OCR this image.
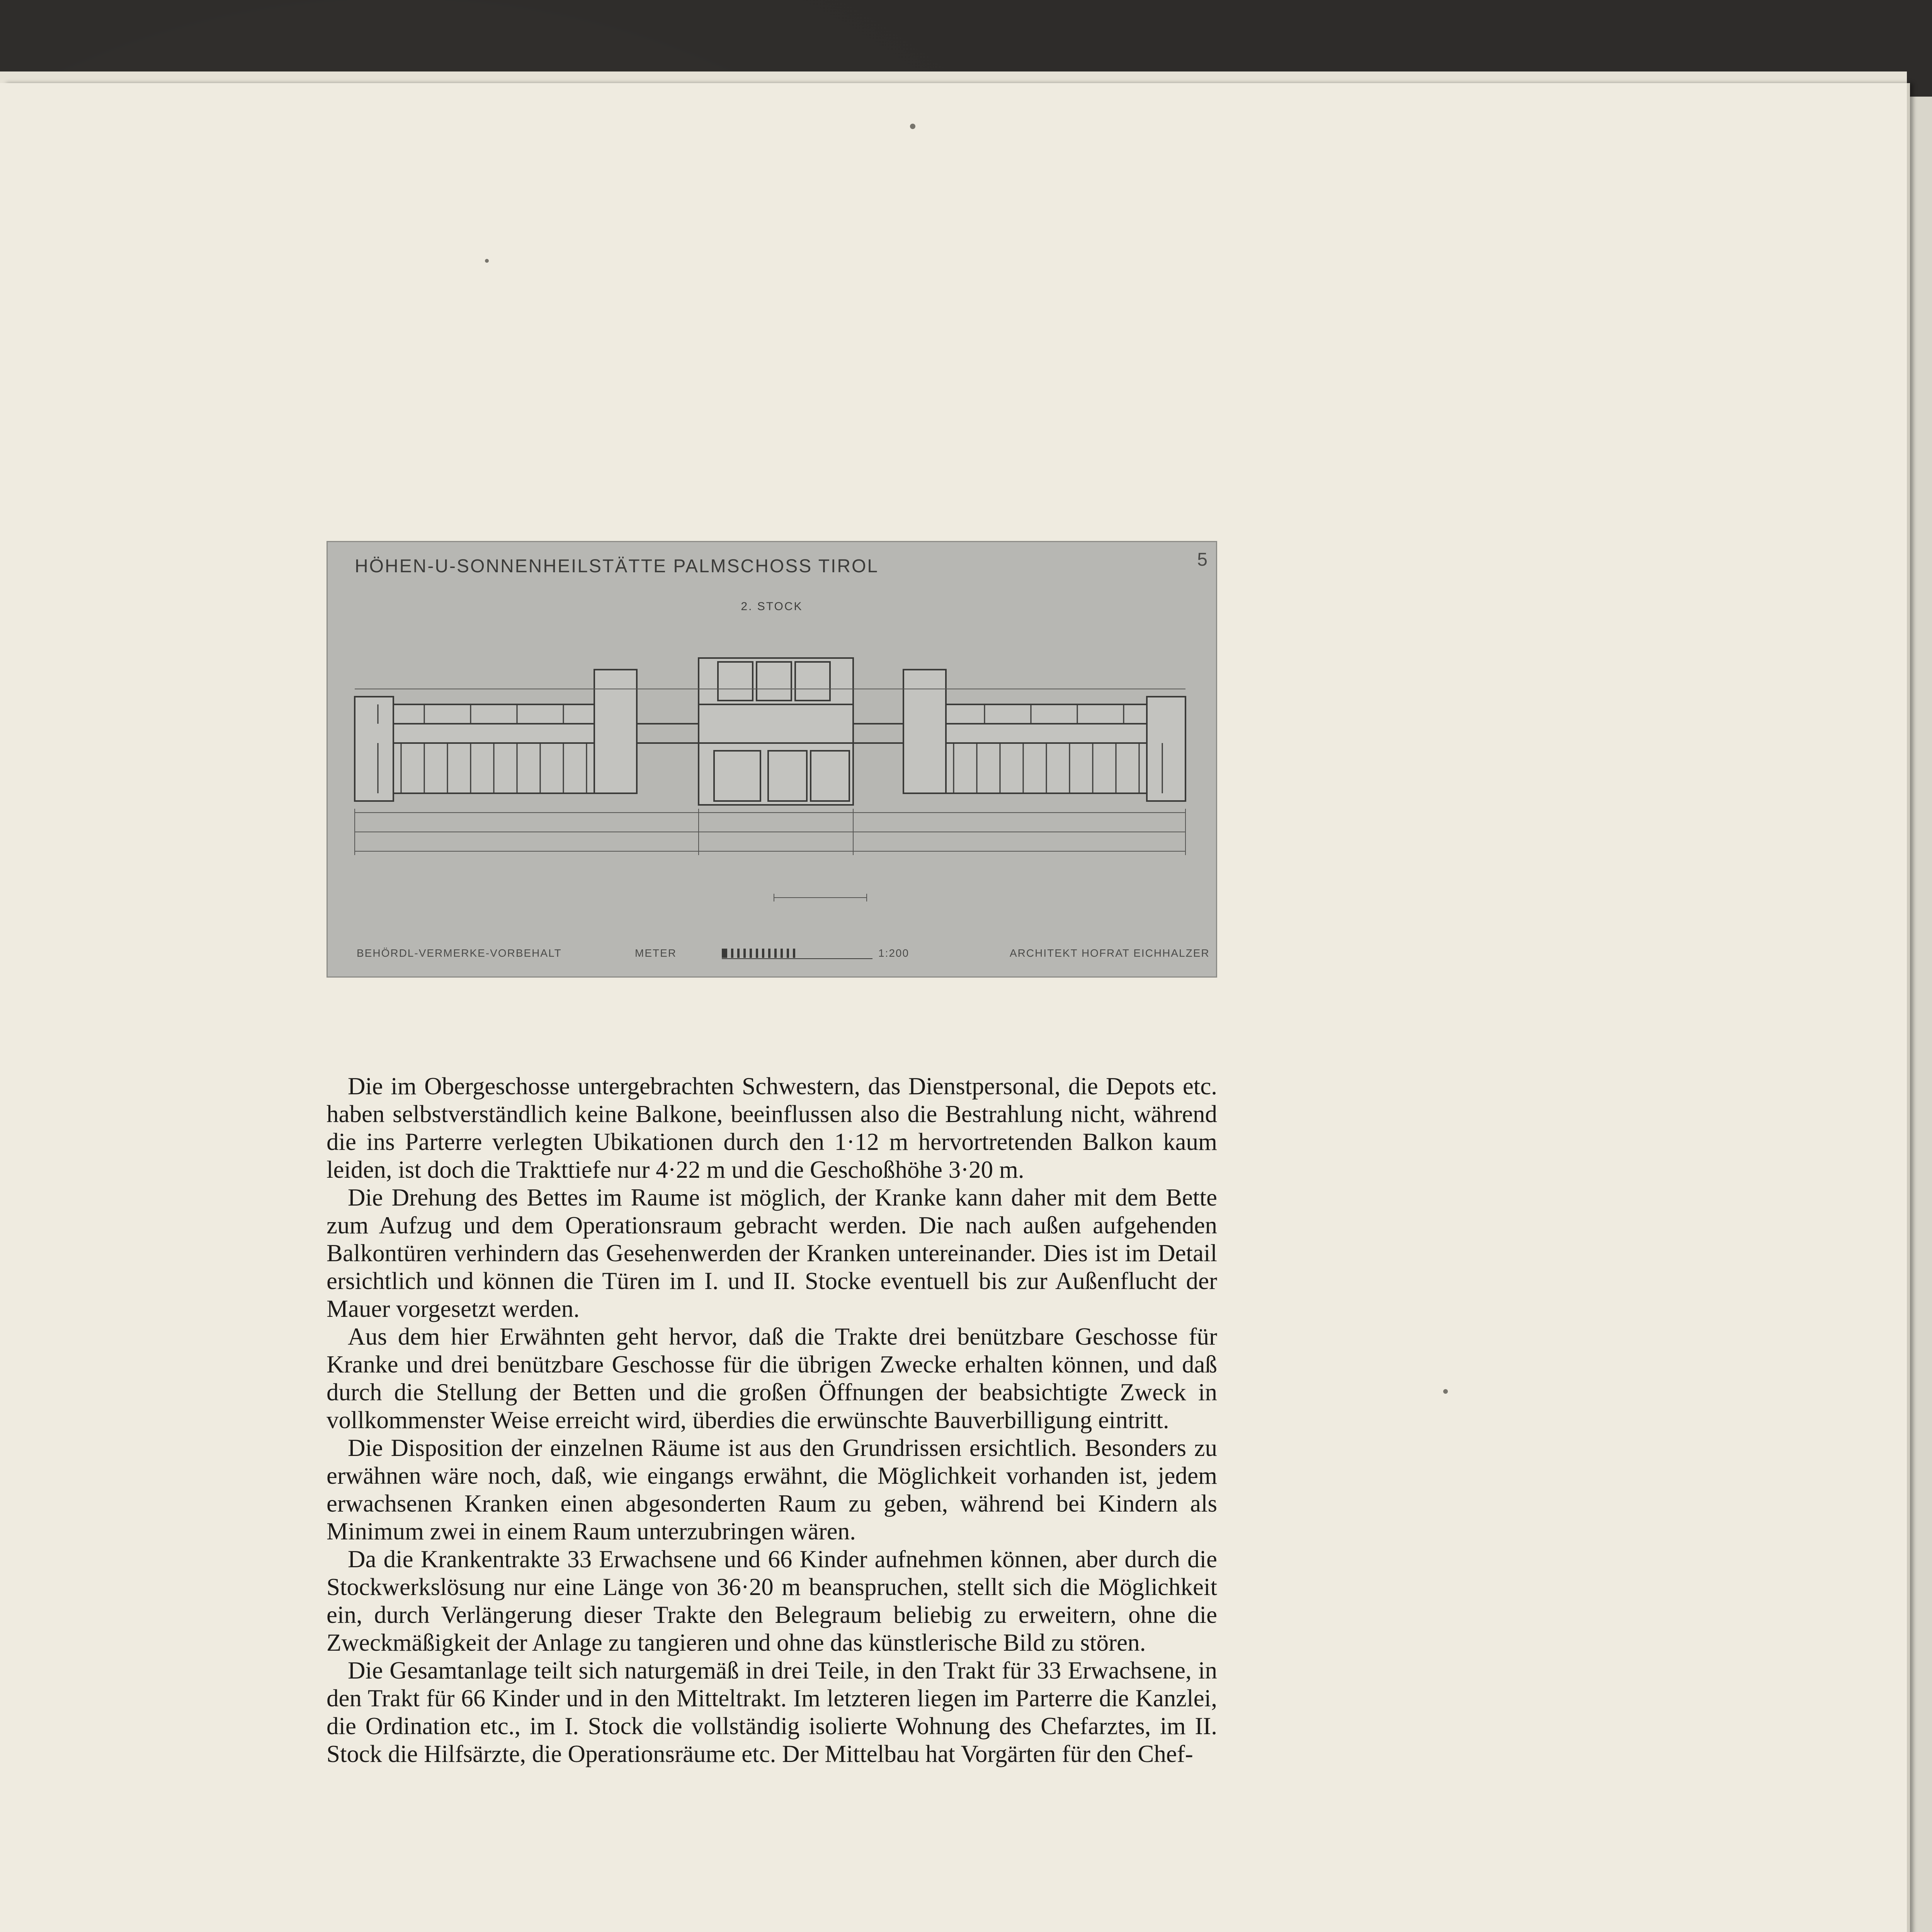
HÖHEN-U-SONNENHEILSTÄTTE PALMSCHOSS TIROL	5
2. STOCK
BEHÖRDL-VERMERKE-VORBEHALT	METER	1:200	ARCHITEKT HOFRAT EICHHALZER

Die im Obergeschosse untergebrachten Schwestern, das Dienstpersonal, die Depots etc. haben selbstverständlich keine Balkone, beeinflussen also die Bestrahlung nicht, während die ins Parterre verlegten Ubikationen durch den 1·12 m hervortretenden Balkon kaum leiden, ist doch die Trakttiefe nur 4·22 m und die Geschoßhöhe 3·20 m.

Die Drehung des Bettes im Raume ist möglich, der Kranke kann daher mit dem Bette zum Aufzug und dem Operationsraum gebracht werden. Die nach außen aufgehenden Balkontüren verhindern das Gesehenwerden der Kranken untereinander. Dies ist im Detail ersichtlich und können die Türen im I. und II. Stocke eventuell bis zur Außenflucht der Mauer vorgesetzt werden.

Aus dem hier Erwähnten geht hervor, daß die Trakte drei benützbare Geschosse für Kranke und drei benützbare Geschosse für die übrigen Zwecke erhalten können, und daß durch die Stellung der Betten und die großen Öffnungen der beabsichtigte Zweck in vollkommenster Weise erreicht wird, überdies die erwünschte Bauverbilligung eintritt.

Die Disposition der einzelnen Räume ist aus den Grundrissen ersichtlich. Besonders zu erwähnen wäre noch, daß, wie eingangs erwähnt, die Möglichkeit vorhanden ist, jedem erwachsenen Kranken einen abgesonderten Raum zu geben, während bei Kindern als Minimum zwei in einem Raum unterzubringen wären.

Da die Krankentrakte 33 Erwachsene und 66 Kinder aufnehmen können, aber durch die Stockwerkslösung nur eine Länge von 36·20 m beanspruchen, stellt sich die Möglichkeit ein, durch Verlängerung dieser Trakte den Belegraum beliebig zu erweitern, ohne die Zweckmäßigkeit der Anlage zu tangieren und ohne das künstlerische Bild zu stören.

Die Gesamtanlage teilt sich naturgemäß in drei Teile, in den Trakt für 33 Erwachsene, in den Trakt für 66 Kinder und in den Mitteltrakt. Im letzteren liegen im Parterre die Kanzlei, die Ordination etc., im I. Stock die vollständig isolierte Wohnung des Chefarztes, im II. Stock die Hilfsärzte, die Operationsräume etc. Der Mittelbau hat Vorgärten für den Chef-
